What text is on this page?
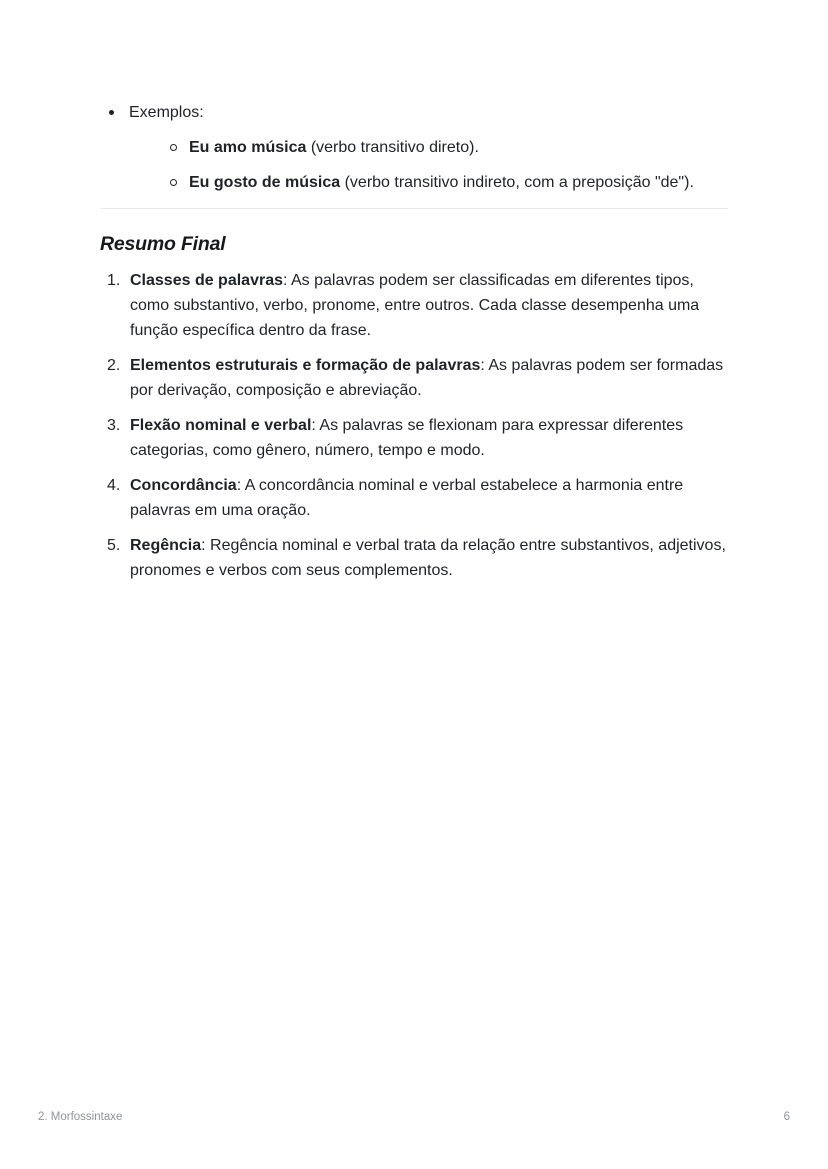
Exemplos:
Eu amo música (verbo transitivo direto).
Eu gosto de música (verbo transitivo indireto, com a preposição "de").
Resumo Final
1. Classes de palavras: As palavras podem ser classificadas em diferentes tipos, como substantivo, verbo, pronome, entre outros. Cada classe desempenha uma função específica dentro da frase.
2. Elementos estruturais e formação de palavras: As palavras podem ser formadas por derivação, composição e abreviação.
3. Flexão nominal e verbal: As palavras se flexionam para expressar diferentes categorias, como gênero, número, tempo e modo.
4. Concordância: A concordância nominal e verbal estabelece a harmonia entre palavras em uma oração.
5. Regência: Regência nominal e verbal trata da relação entre substantivos, adjetivos, pronomes e verbos com seus complementos.
2. Morfossintaxe	6
